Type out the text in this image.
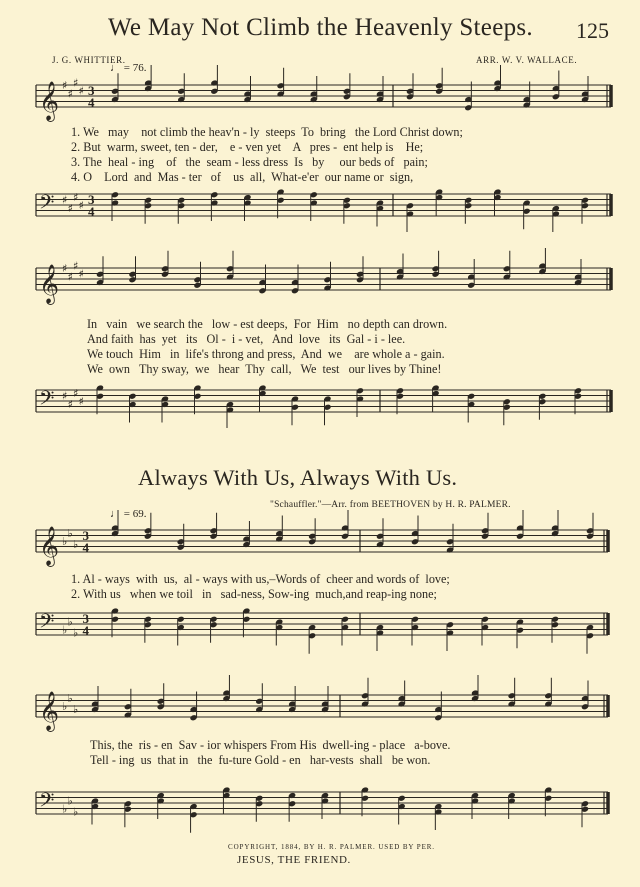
𝄞 ♯
♯
♯
♯ 3
4
𝄢 ♯
♯
♯
♯ 3
4
𝄞 ♯
♯
♯
♯
𝄢 ♯
♯
♯
♯
𝄞 ♭
♭
♭
3
4
𝄢 ♭
♭
♭
3
4
𝄞 ♭
♭
♭
𝄢 ♭
♭
♭
We May Not Climb the Heavenly Steeps. 125
J. G. WHITTIER.	ARR. W. V. WALLACE.
♩ = 76.
1. We   may    not climb the heav'n - ly  steeps  To  bring   the Lord Christ down;
2. But  warm, sweet, ten - der,    e - ven yet    A   pres -  ent help is    He;
3. The  heal - ing    of   the  seam - less dress  Is   by     our beds of   pain;
4. O    Lord  and  Mas - ter   of    us  all,  What-e'er  our name or  sign,
In   vain   we search the   low - est deeps,  For  Him   no depth can drown.
And faith  has  yet   its   Ol -  i - vet,   And  love   its  Gal - i - lee.
We touch  Him   in  life's throng and press,  And  we    are whole a - gain.
We  own   Thy sway,  we   hear  Thy  call,   We  test   our lives by Thine!
Always With Us, Always With Us.
"Schauffler."—Arr. from BEETHOVEN by H. R. PALMER.
♩ = 69.
1. Al - ways  with  us,  al - ways with us,–Words of  cheer and words of  love;
2. With us   when we toil   in   sad-ness, Sow-ing  much,and reap-ing none;
This, the  ris - en  Sav - ior whispers From His  dwell-ing - place   a-bove.
Tell - ing  us  that in   the  fu-ture Gold - en   har-vests  shall   be won.
COPYRIGHT, 1884, BY H. R. PALMER. USED BY PER.
JESUS, THE FRIEND.
